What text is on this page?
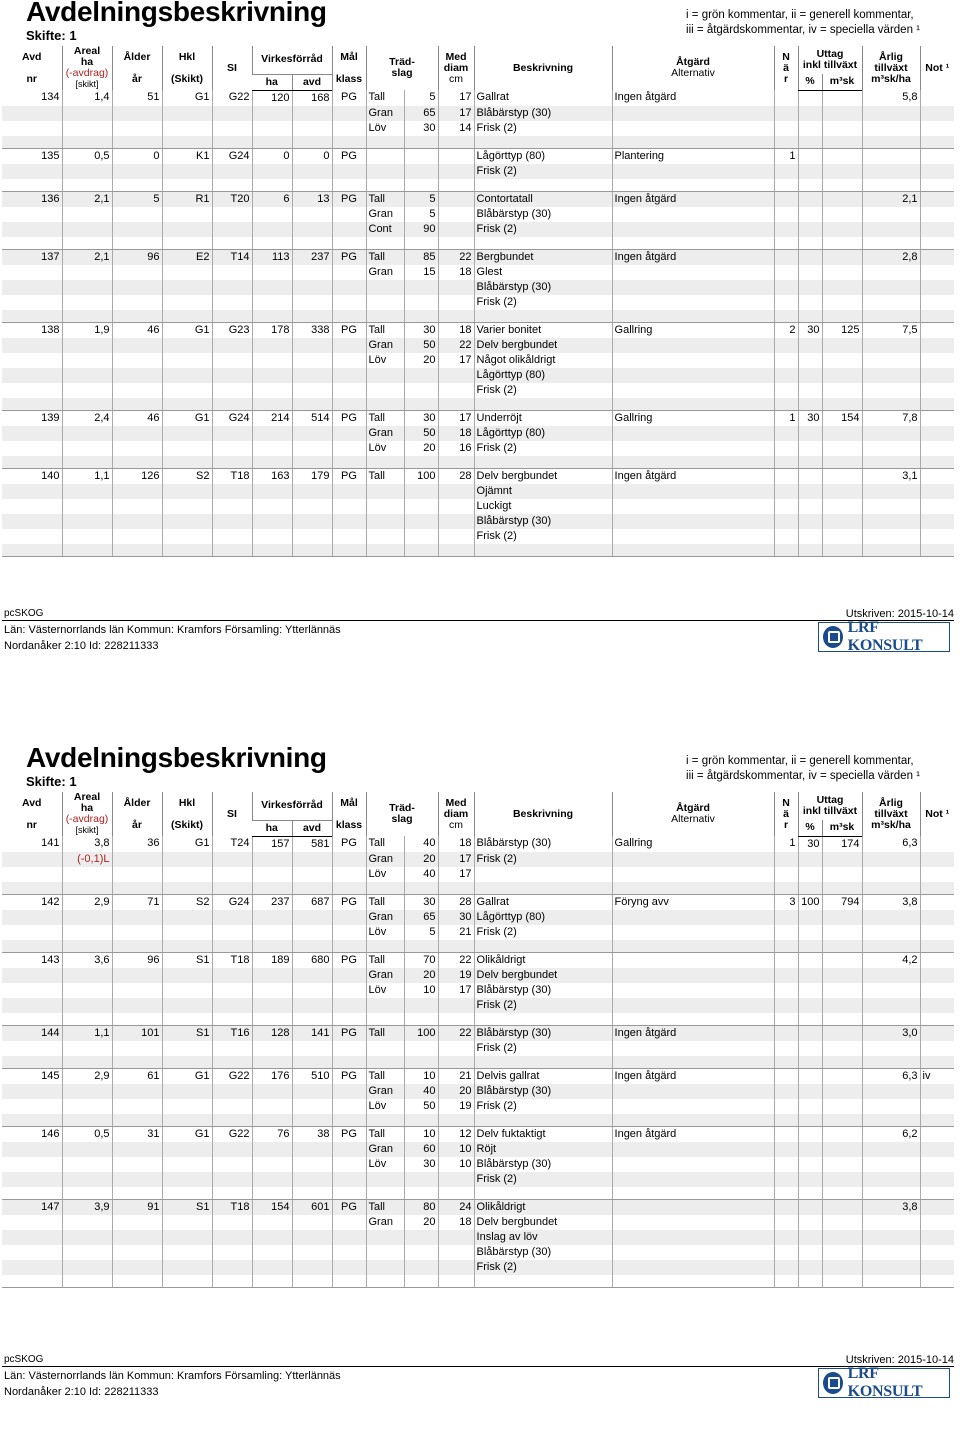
Avdelningsbeskrivning
Skifte: 1
i = grön kommentar, ii = generell kommentar,
iii = åtgärdskommentar, iv = speciella värden ¹
Avd

nr	Areal
ha
(-avdrag)
[skikt]	Ålder

år	Hkl

(Skikt)	SI	Virkesförråd		Mål

klass	Träd-
slag		Med
diam
cm	Beskrivning	Åtgärd
Alternativ	N
ä
r	Uttag
inkl tillväxt		Årlig
tillväxt
m³sk/ha	Not ¹
					ha	avd								%	m³sk		
134	1,4	51	G1	G22	120	168	PG	Tall	5	17	Gallrat	Ingen åtgärd				5,8	
								Gran	65	17	Blåbärstyp (30)						
								Löv	30	14	Frisk (2)						

135	0,5	0	K1	G24	0	0	PG				Lågörttyp (80)	Plantering	1				
											Frisk (2)						

136	2,1	5	R1	T20	6	13	PG	Tall	5		Contortatall	Ingen åtgärd				2,1	
								Gran	5		Blåbärstyp (30)						
								Cont	90		Frisk (2)						

137	2,1	96	E2	T14	113	237	PG	Tall	85	22	Bergbundet	Ingen åtgärd				2,8	
								Gran	15	18	Glest						
											Blåbärstyp (30)						
											Frisk (2)						

138	1,9	46	G1	G23	178	338	PG	Tall	30	18	Varier bonitet	Gallring	2	30	125	7,5	
								Gran	50	22	Delv bergbundet						
								Löv	20	17	Något olikåldrigt						
											Lågörttyp (80)						
											Frisk (2)						

139	2,4	46	G1	G24	214	514	PG	Tall	30	17	Underröjt	Gallring	1	30	154	7,8	
								Gran	50	18	Lågörttyp (80)						
								Löv	20	16	Frisk (2)						

140	1,1	126	S2	T18	163	179	PG	Tall	100	28	Delv bergbundet	Ingen åtgärd				3,1	
											Ojämnt						
											Luckigt						
											Blåbärstyp (30)						
											Frisk (2)						

pcSKOG	Utskriven: 2015-10-14
Län: Västernorrlands län Kommun: Kramfors Församling: Ytterlännäs
Nordanåker 2:10 Id: 228211333
LRF KONSULT
Avdelningsbeskrivning
Skifte: 1
i = grön kommentar, ii = generell kommentar,
iii = åtgärdskommentar, iv = speciella värden ¹
Avd

nr	Areal
ha
(-avdrag)
[skikt]	Ålder

år	Hkl

(Skikt)	SI	Virkesförråd		Mål

klass	Träd-
slag		Med
diam
cm	Beskrivning	Åtgärd
Alternativ	N
ä
r	Uttag
inkl tillväxt		Årlig
tillväxt
m³sk/ha	Not ¹
					ha	avd								%	m³sk		
141	3,8	36	G1	T24	157	581	PG	Tall	40	18	Blåbärstyp (30)	Gallring	1	30	174	6,3	
	(-0,1)L							Gran	20	17	Frisk (2)						
								Löv	40	17							

142	2,9	71	S2	G24	237	687	PG	Tall	30	28	Gallrat	Föryng avv	3	100	794	3,8	
								Gran	65	30	Lågörttyp (80)						
								Löv	5	21	Frisk (2)						

143	3,6	96	S1	T18	189	680	PG	Tall	70	22	Olikåldrigt					4,2	
								Gran	20	19	Delv bergbundet						
								Löv	10	17	Blåbärstyp (30)						
											Frisk (2)						

144	1,1	101	S1	T16	128	141	PG	Tall	100	22	Blåbärstyp (30)	Ingen åtgärd				3,0	
											Frisk (2)						

145	2,9	61	G1	G22	176	510	PG	Tall	10	21	Delvis gallrat	Ingen åtgärd				6,3	iv
								Gran	40	20	Blåbärstyp (30)						
								Löv	50	19	Frisk (2)						

146	0,5	31	G1	G22	76	38	PG	Tall	10	12	Delv fuktaktigt	Ingen åtgärd				6,2	
								Gran	60	10	Röjt						
								Löv	30	10	Blåbärstyp (30)						
											Frisk (2)						

147	3,9	91	S1	T18	154	601	PG	Tall	80	24	Olikåldrigt					3,8	
								Gran	20	18	Delv bergbundet						
											Inslag av löv						
											Blåbärstyp (30)						
											Frisk (2)						

pcSKOG	Utskriven: 2015-10-14
Län: Västernorrlands län Kommun: Kramfors Församling: Ytterlännäs
Nordanåker 2:10 Id: 228211333
LRF KONSULT
